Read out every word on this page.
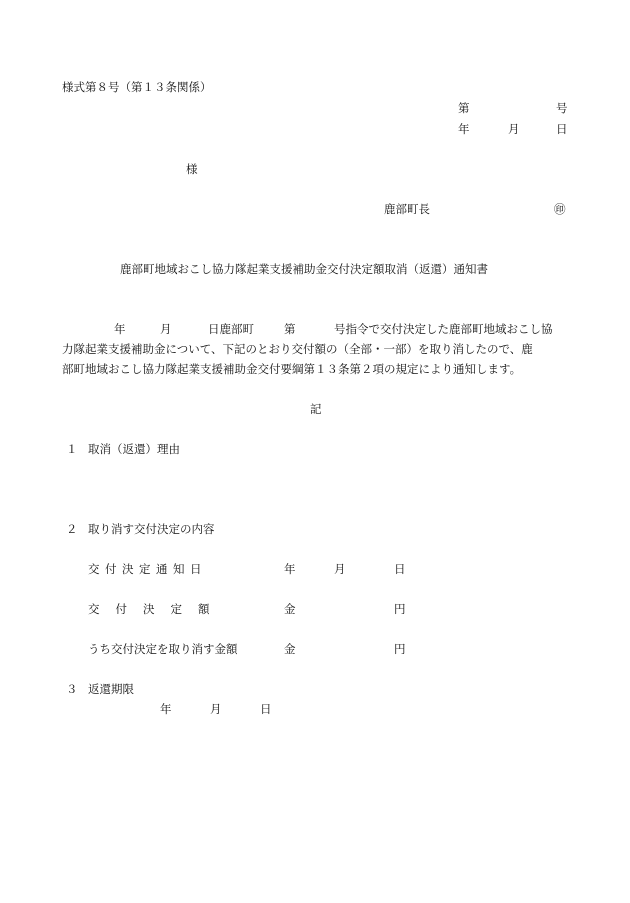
様式第８号（第１３条関係）
第	号
年	月	日
様
鹿部町長	㊞
鹿部町地域おこし協力隊起業支援補助金交付決定額取消（返還）通知書
年	月	日鹿部町	第	号指令で交付決定した鹿部町地域おこし協
力隊起業支援補助金について、下記のとおり交付額の（全部・一部）を取り消したので、鹿
部町地域おこし協力隊起業支援補助金交付要綱第１３条第２項の規定により通知します。
記
１ 取消（返還）理由
２ 取り消す交付決定の内容
交付決定通知日	年	月	日
交付決定額	金	円
うち交付決定を取り消す金額	金	円
３ 返還期限
年	月	日
